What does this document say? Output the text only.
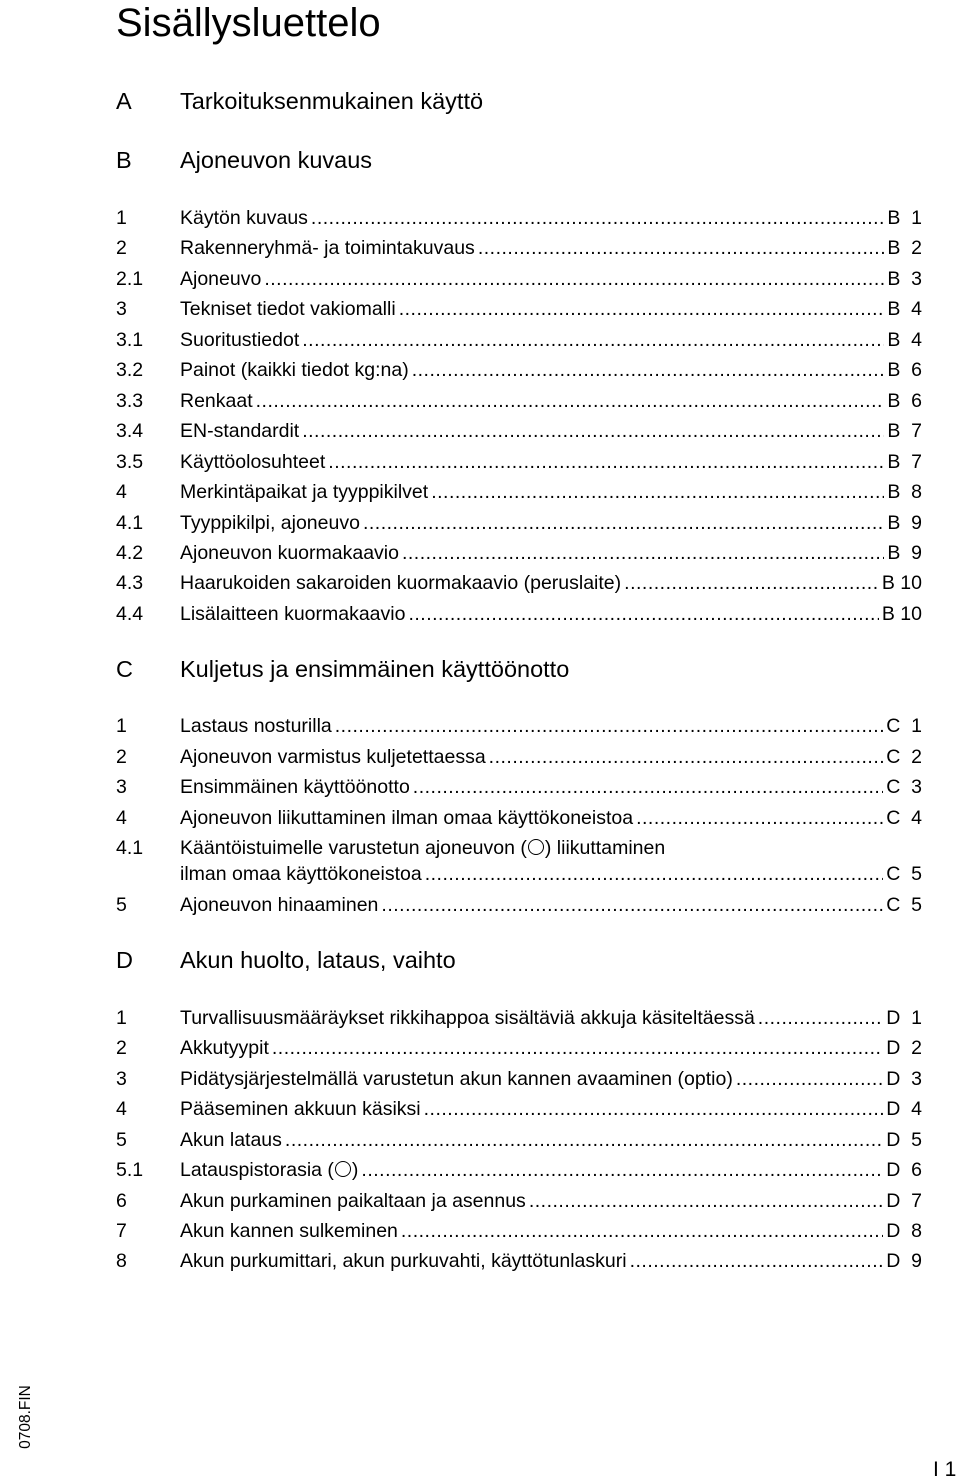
Sisällysluettelo
A Tarkoituksenmukainen käyttö
B Ajoneuvon kuvaus
1	Käytön kuvaus .....	B  1
2	Rakenneryhmä- ja toimintakuvaus .....	B  2
2.1 Ajoneuvo .....	B  3
3	Tekniset tiedot vakiomalli .....	B  4
3.1 Suoritustiedot .....	B  4
3.2 Painot (kaikki tiedot kg:na) .....	B  6
3.3 Renkaat .....	B  6
3.4 EN-standardit .....	B  7
3.5 Käyttöolosuhteet .....	B  7
4	Merkintäpaikat ja tyyppikilvet .....	B  8
4.1 Tyyppikilpi, ajoneuvo .....	B  9
4.2 Ajoneuvon kuormakaavio .....	B  9
4.3 Haarukoiden sakaroiden kuormakaavio (peruslaite) .....	B 10
4.4 Lisälaitteen kuormakaavio .....	B 10
C Kuljetus ja ensimmäinen käyttöönotto
1	Lastaus nosturilla .....	C  1
2	Ajoneuvon varmistus kuljetettaessa .....	C  2
3	Ensimmäinen käyttöönotto .....	C  3
4	Ajoneuvon liikuttaminen ilman omaa käyttökoneistoa .....	C  4
4.1 Kääntöistuimelle varustetun ajoneuvon ( ) liikuttaminen
ilman omaa käyttökoneistoa .....	C  5
5	Ajoneuvon hinaaminen .....	C  5
D Akun huolto, lataus, vaihto
1	Turvallisuusmääräykset rikkihappoa sisältäviä akkuja käsiteltäessä .....	D  1
2	Akkutyypit .....	D  2
3	Pidätysjärjestelmällä varustetun akun kannen avaaminen (optio) .....	D  3
4	Pääseminen akkuun käsiksi .....	D  4
5	Akun lataus .....	D  5
5.1 Latauspistorasia ( ) .....	D  6
6	Akun purkaminen paikaltaan ja asennus .....	D  7
7	Akun kannen sulkeminen .....	D  8
8	Akun purkumittari, akun purkuvahti, käyttötunlaskuri .....	D  9
0708.FIN
I 1
